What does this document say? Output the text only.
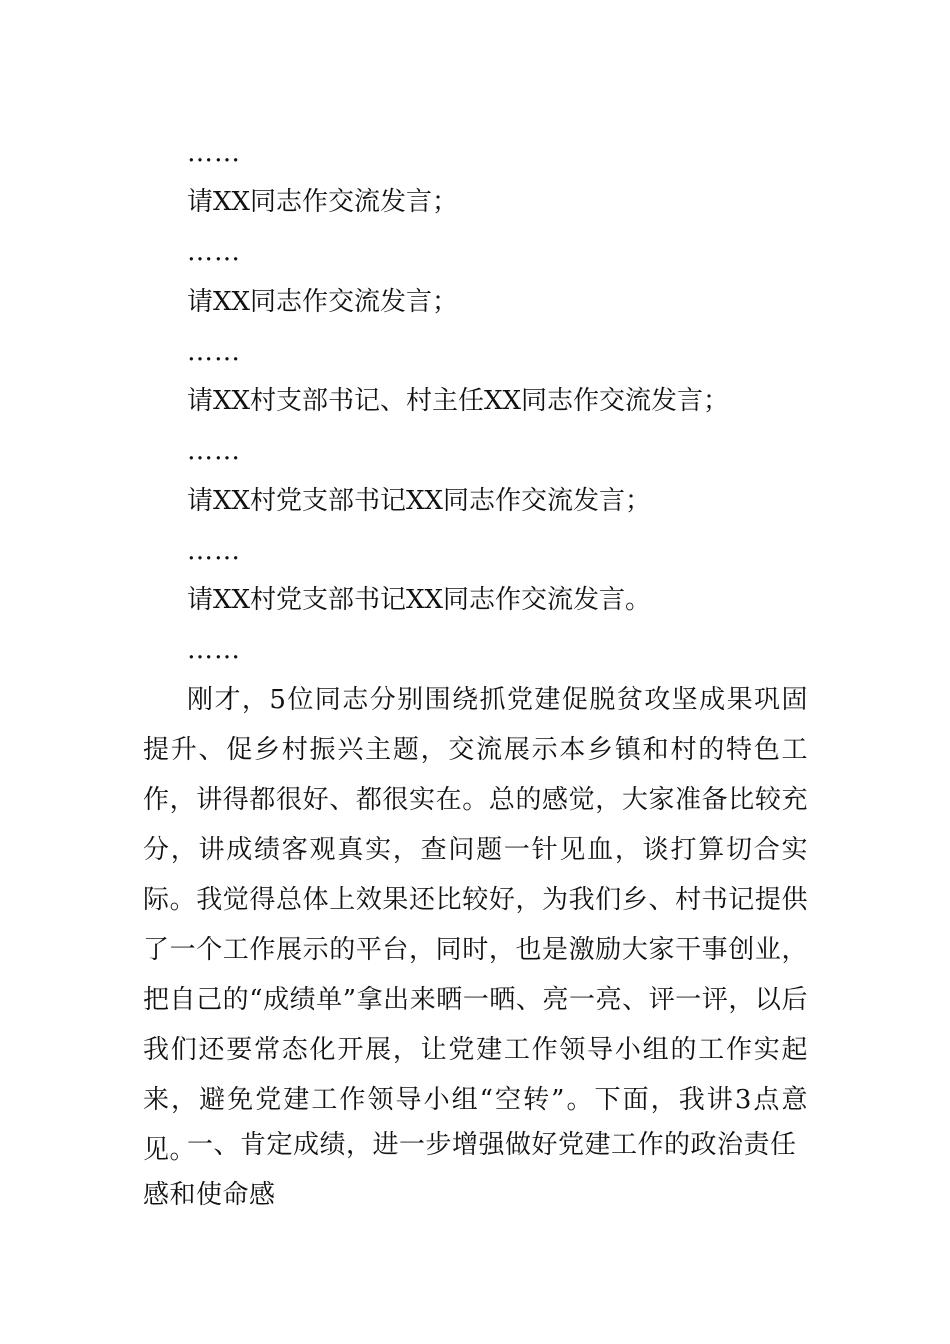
……
请XX同志作交流发言；
……
请XX同志作交流发言；
……
请XX村支部书记、村主任XX同志作交流发言；
……
请XX村党支部书记XX同志作交流发言；
……
请XX村党支部书记XX同志作交流发言。
……
刚才，5位同志分别围绕抓党建促脱贫攻坚成果巩固提升、促乡村振兴主题，交流展示本乡镇和村的特色工作，讲得都很好、都很实在。总的感觉，大家准备比较充分，讲成绩客观真实，查问题一针见血，谈打算切合实际。我觉得总体上效果还比较好，为我们乡、村书记提供了一个工作展示的平台，同时，也是激励大家干事创业，把自己的“成绩单”拿出来晒一晒、亮一亮、评一评，以后我们还要常态化开展，让党建工作领导小组的工作实起来，避免党建工作领导小组“空转”。下面，我讲3点意见。
一、肯定成绩，进一步增强做好党建工作的政治责任感和使命感
